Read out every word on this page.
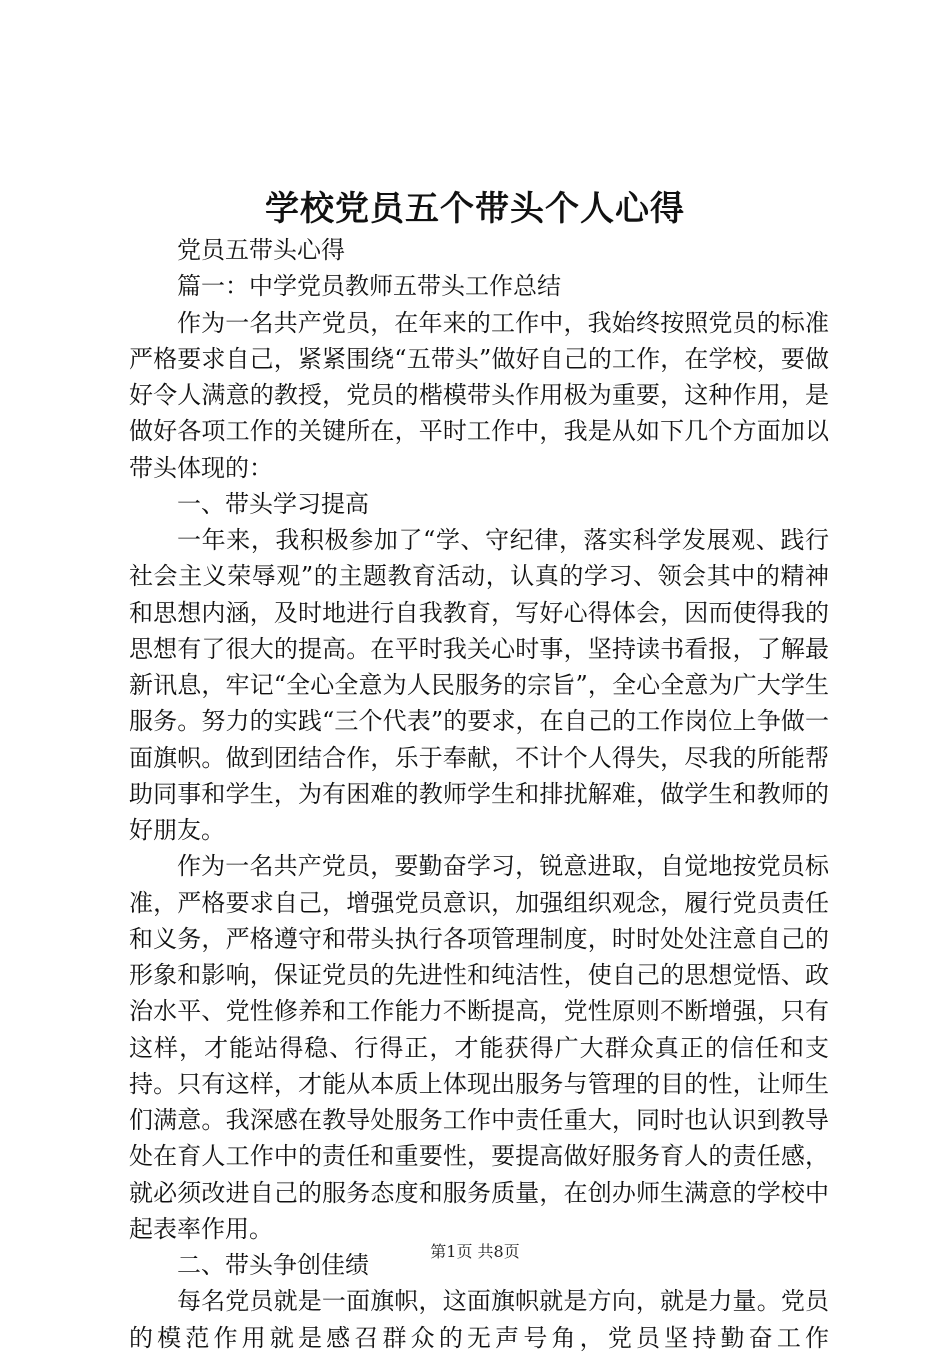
学校党员五个带头个人心得

党员五带头心得

篇一：中学党员教师五带头工作总结

作为一名共产党员，在年来的工作中，我始终按照党员的标准严格要求自己，紧紧围绕“五带头”做好自己的工作，在学校，要做好令人满意的教授，党员的楷模带头作用极为重要，这种作用，是做好各项工作的关键所在，平时工作中，我是从如下几个方面加以带头体现的：

一、带头学习提高

一年来，我积极参加了“学、守纪律，落实科学发展观、践行社会主义荣辱观”的主题教育活动，认真的学习、领会其中的精神和思想内涵，及时地进行自我教育，写好心得体会，因而使得我的思想有了很大的提高。在平时我关心时事，坚持读书看报，了解最新讯息，牢记“全心全意为人民服务的宗旨”，全心全意为广大学生服务。努力的实践“三个代表”的要求，在自己的工作岗位上争做一面旗帜。做到团结合作，乐于奉献，不计个人得失，尽我的所能帮助同事和学生，为有困难的教师学生和排扰解难，做学生和教师的好朋友。

作为一名共产党员，要勤奋学习，锐意进取，自觉地按党员标准，严格要求自己，增强党员意识，加强组织观念，履行党员责任和义务，严格遵守和带头执行各项管理制度，时时处处注意自己的形象和影响，保证党员的先进性和纯洁性，使自己的思想觉悟、政治水平、党性修养和工作能力不断提高，党性原则不断增强，只有这样，才能站得稳、行得正，才能获得广大群众真正的信任和支持。只有这样，才能从本质上体现出服务与管理的目的性，让师生们满意。我深感在教导处服务工作中责任重大，同时也认识到教导处在育人工作中的责任和重要性，要提高做好服务育人的责任感，就必须改进自己的服务态度和服务质量，在创办师生满意的学校中起表率作用。

二、带头争创佳绩

每名党员就是一面旗帜，这面旗帜就是方向，就是力量。党员的模范作用就是感召群众的无声号角，党员坚持勤奋工作

第1页 共8页
